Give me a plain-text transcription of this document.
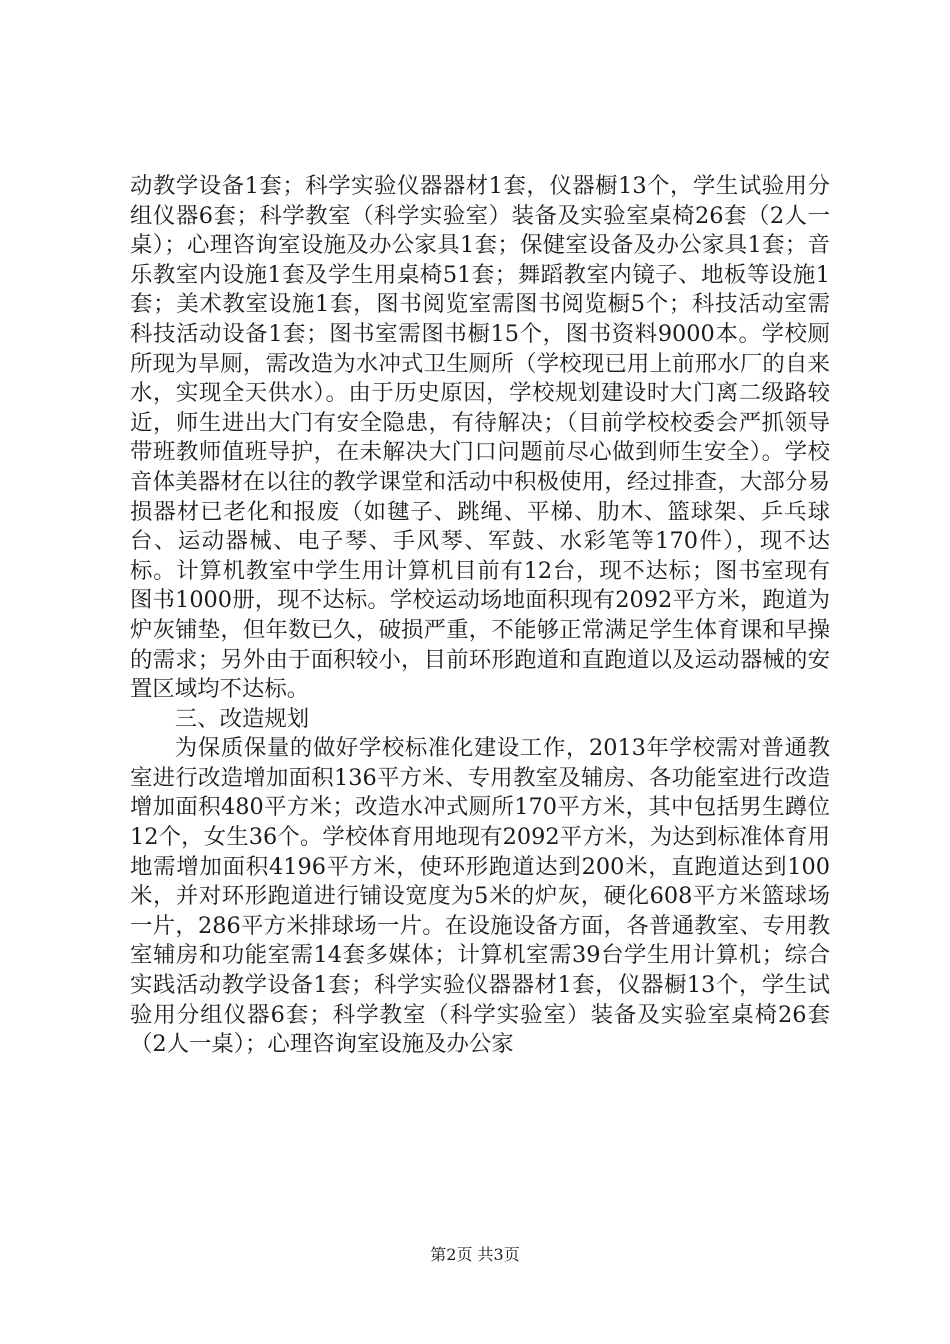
动教学设备1套；科学实验仪器器材1套，仪器橱13个，学生试验用分组仪器6套；科学教室（科学实验室）装备及实验室桌椅26套（2人一桌）；心理咨询室设施及办公家具1套；保健室设备及办公家具1套；音乐教室内设施1套及学生用桌椅51套；舞蹈教室内镜子、地板等设施1套；美术教室设施1套，图书阅览室需图书阅览橱5个；科技活动室需科技活动设备1套；图书室需图书橱15个，图书资料9000本。学校厕所现为旱厕，需改造为水冲式卫生厕所（学校现已用上前邢水厂的自来水，实现全天供水）。由于历史原因，学校规划建设时大门离二级路较近，师生进出大门有安全隐患，有待解决；（目前学校校委会严抓领导带班教师值班导护，在未解决大门口问题前尽心做到师生安全）。学校音体美器材在以往的教学课堂和活动中积极使用，经过排查，大部分易损器材已老化和报废（如毽子、跳绳、平梯、肋木、篮球架、乒乓球台、运动器械、电子琴、手风琴、军鼓、水彩笔等170件），现不达标。计算机教室中学生用计算机目前有12台，现不达标；图书室现有图书1000册，现不达标。学校运动场地面积现有2092平方米，跑道为炉灰铺垫，但年数已久，破损严重，不能够正常满足学生体育课和早操的需求；另外由于面积较小，目前环形跑道和直跑道以及运动器械的安置区域均不达标。

三、改造规划

为保质保量的做好学校标准化建设工作，2013年学校需对普通教室进行改造增加面积136平方米、专用教室及辅房、各功能室进行改造增加面积480平方米；改造水冲式厕所170平方米，其中包括男生蹲位12个，女生36个。学校体育用地现有2092平方米，为达到标准体育用地需增加面积4196平方米，使环形跑道达到200米，直跑道达到100米，并对环形跑道进行铺设宽度为5米的炉灰，硬化608平方米篮球场一片，286平方米排球场一片。在设施设备方面，各普通教室、专用教室辅房和功能室需14套多媒体；计算机室需39台学生用计算机；综合实践活动教学设备1套；科学实验仪器器材1套，仪器橱13个，学生试验用分组仪器6套；科学教室（科学实验室）装备及实验室桌椅26套（2人一桌）；心理咨询室设施及办公家

第2页 共3页
